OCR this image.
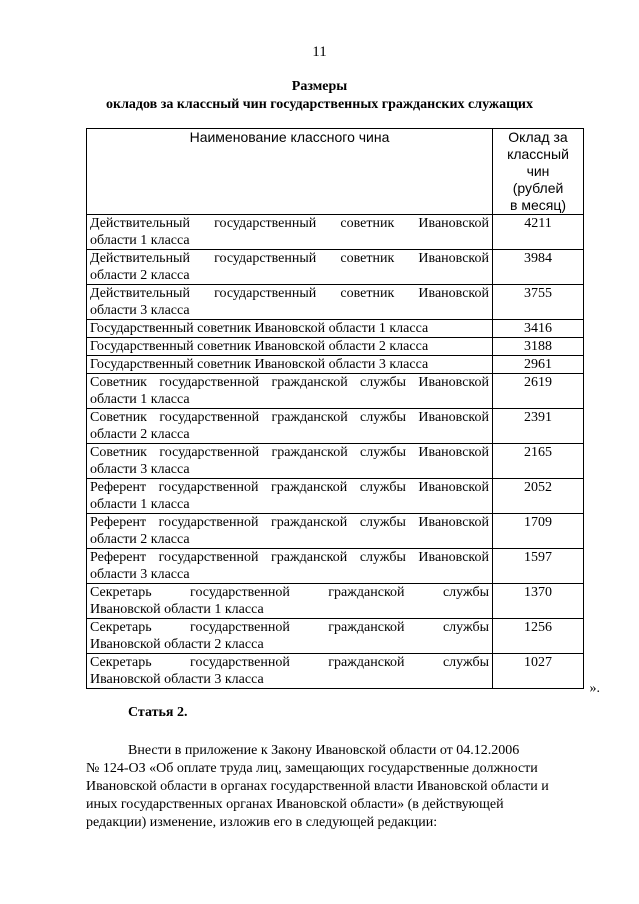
11
Размеры
окладов за классный чин государственных гражданских служащих
Наименование классного чина	Оклад за
классный чин
(рублей
в месяц)

Действительный государственный советник Ивановской
области 1 класса	4211

Действительный государственный советник Ивановской
области 2 класса	3984

Действительный государственный советник Ивановской
области 3 класса	3755

Государственный советник Ивановской области 1 класса	3416

Государственный советник Ивановской области 2 класса	3188

Государственный советник Ивановской области 3 класса	2961

Советник государственной гражданской службы Ивановской
области 1 класса	2619

Советник государственной гражданской службы Ивановской
области 2 класса	2391

Советник государственной гражданской службы Ивановской
области 3 класса	2165

Референт государственной гражданской службы Ивановской
области 1 класса	2052

Референт государственной гражданской службы Ивановской
области 2 класса	1709

Референт государственной гражданской службы Ивановской
области 3 класса	1597

Секретарь государственной гражданской службы
Ивановской области 1 класса	1370

Секретарь государственной гражданской службы
Ивановской области 2 класса	1256

Секретарь государственной гражданской службы
Ивановской области 3 класса	1027
».
Статья 2.
Внести в приложение к Закону Ивановской области от 04.12.2006
№ 124-ОЗ «Об оплате труда лиц, замещающих государственные должности
Ивановской области в органах государственной власти Ивановской области и
иных государственных органах Ивановской области» (в действующей
редакции) изменение, изложив его в следующей редакции:
